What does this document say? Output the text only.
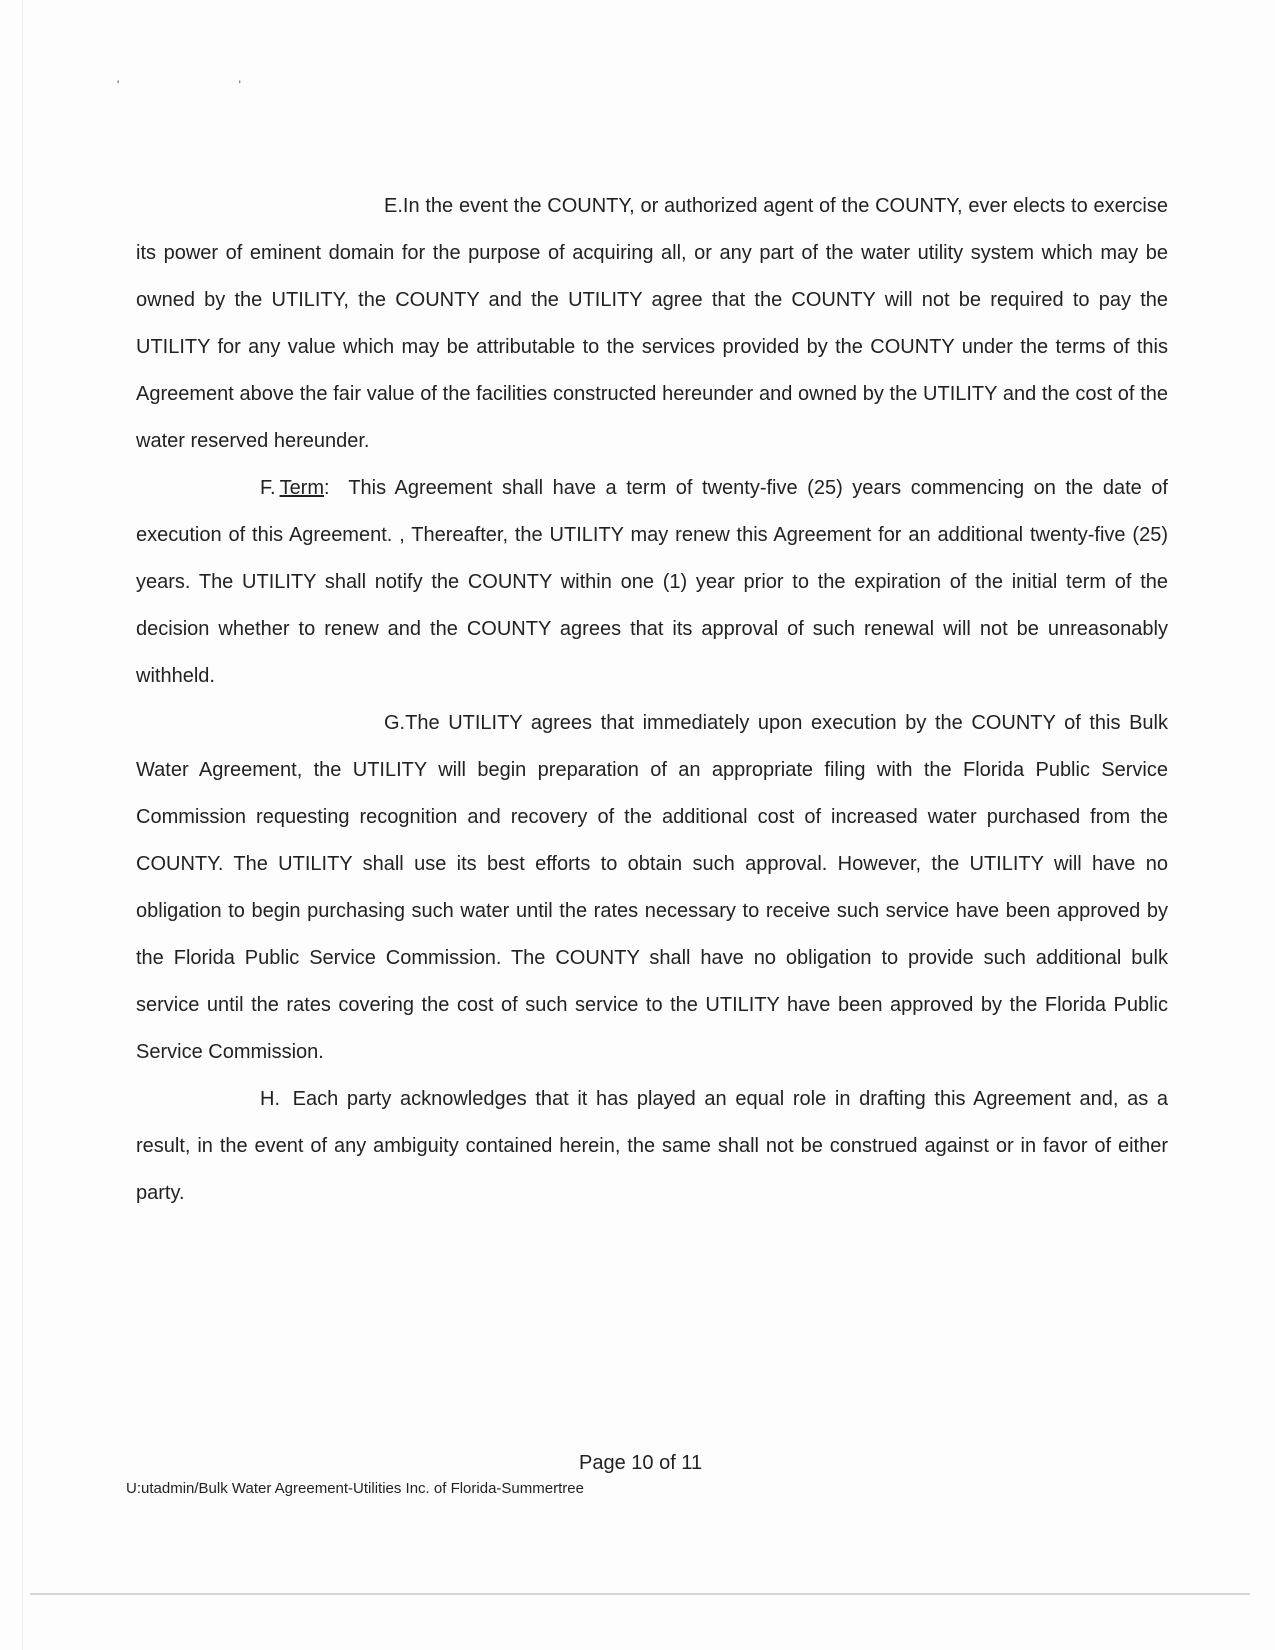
' '

E.In the event the COUNTY, or authorized agent of the COUNTY, ever elects to exercise its power of eminent domain for the purpose of acquiring all, or any part of the water utility system which may be owned by the UTILITY, the COUNTY and the UTILITY agree that the COUNTY will not be required to pay the UTILITY for any value which may be attributable to the services provided by the COUNTY under the terms of this Agreement above the fair value of the facilities constructed hereunder and owned by the UTILITY and the cost of the water reserved hereunder.

F. Term: This Agreement shall have a term of twenty-five (25) years commencing on the date of execution of this Agreement. , Thereafter, the UTILITY may renew this Agreement for an additional twenty-five (25) years. The UTILITY shall notify the COUNTY within one (1) year prior to the expiration of the initial term of the decision whether to renew and the COUNTY agrees that its approval of such renewal will not be unreasonably withheld.

G.The UTILITY agrees that immediately upon execution by the COUNTY of this Bulk Water Agreement, the UTILITY will begin preparation of an appropriate filing with the Florida Public Service Commission requesting recognition and recovery of the additional cost of increased water purchased from the COUNTY. The UTILITY shall use its best efforts to obtain such approval. However, the UTILITY will have no obligation to begin purchasing such water until the rates necessary to receive such service have been approved by the Florida Public Service Commission. The COUNTY shall have no obligation to provide such additional bulk service until the rates covering the cost of such service to the UTILITY have been approved by the Florida Public Service Commission.

H. Each party acknowledges that it has played an equal role in drafting this Agreement and, as a result, in the event of any ambiguity contained herein, the same shall not be construed against or in favor of either party.

Page 10 of 11
U:utadmin/Bulk Water Agreement-Utilities Inc. of Florida-Summertree
